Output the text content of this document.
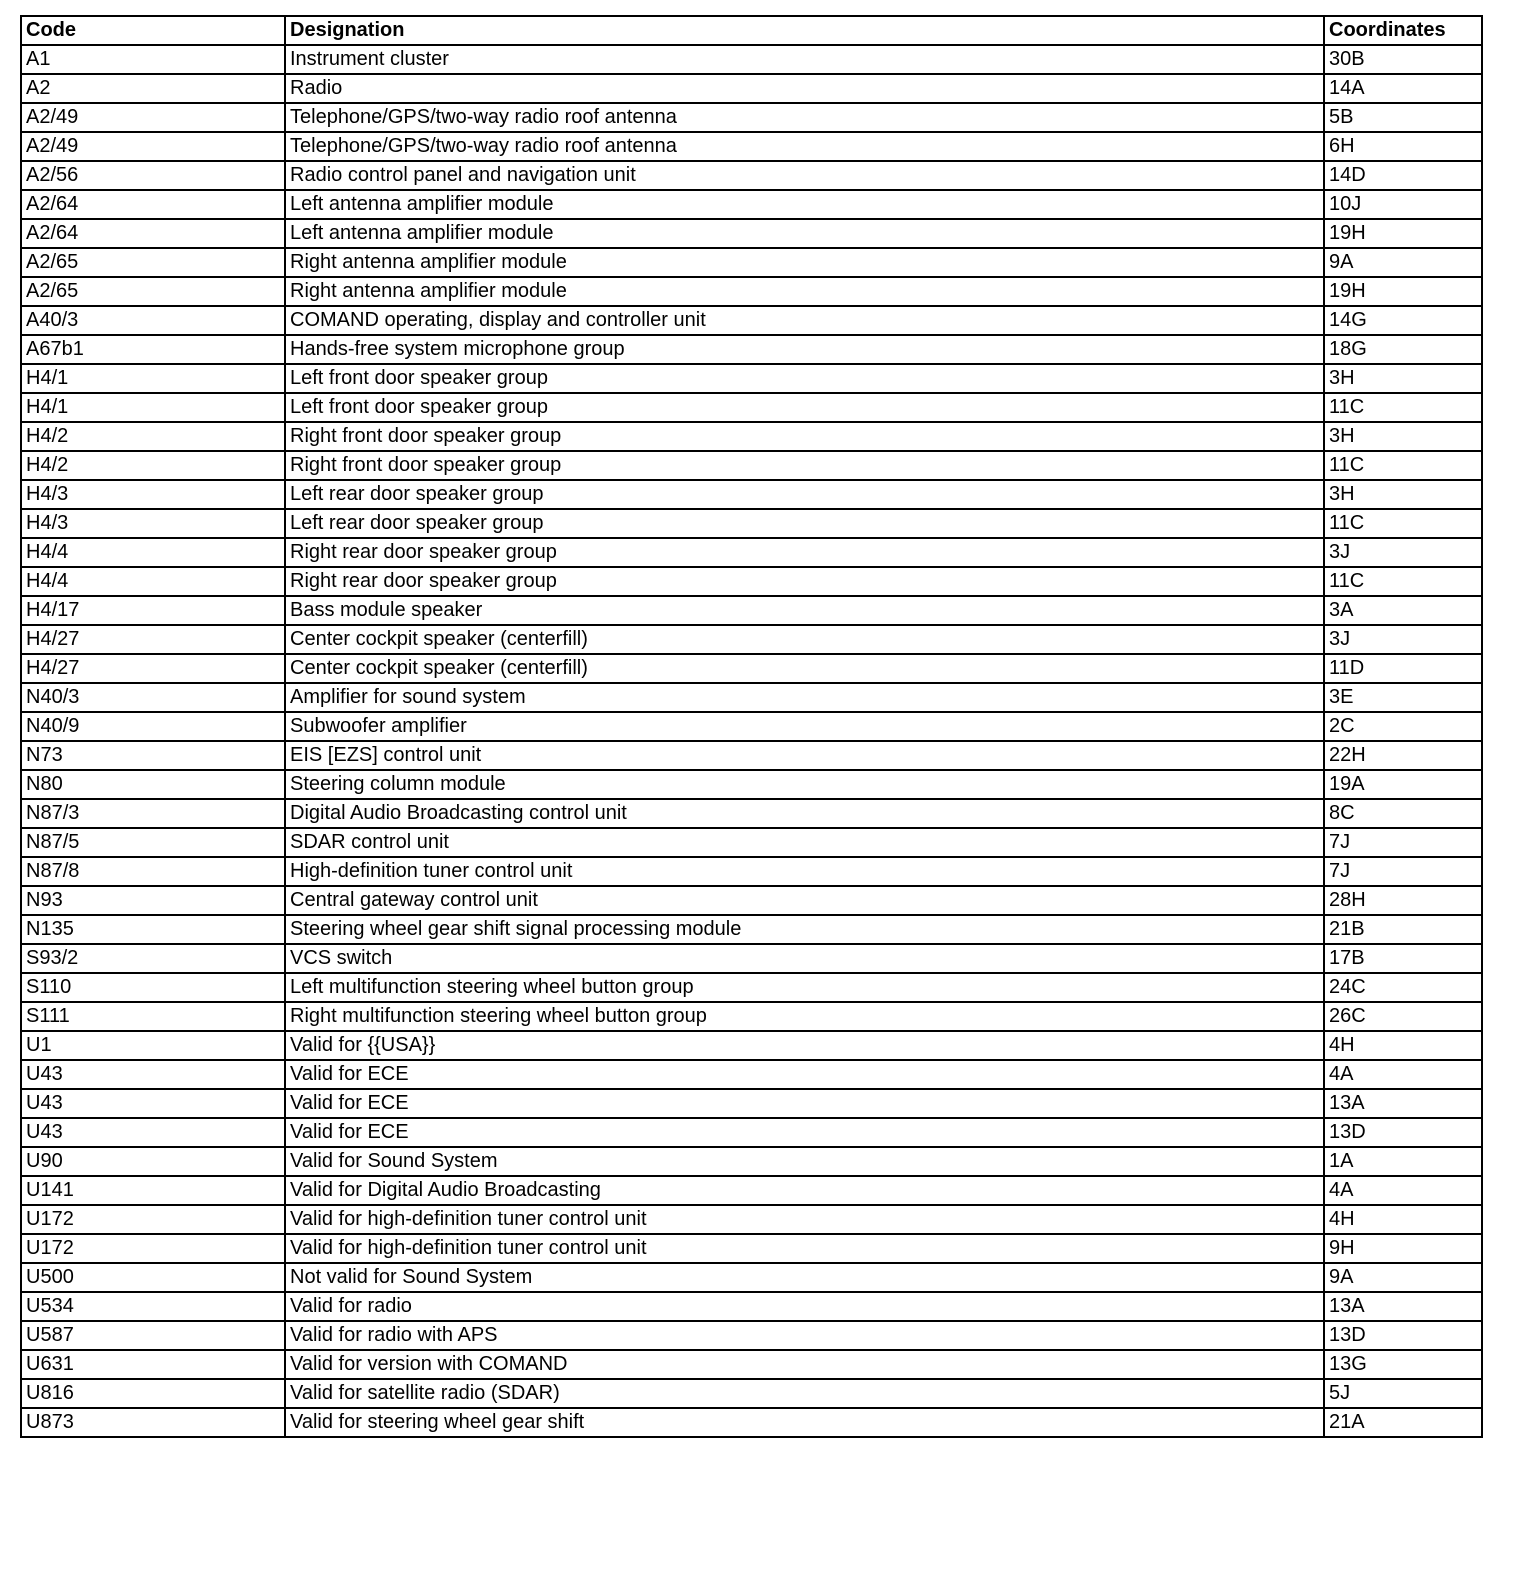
Code	Designation	Coordinates
A1	Instrument cluster	30B
A2	Radio	14A
A2/49	Telephone/GPS/two-way radio roof antenna	5B
A2/49	Telephone/GPS/two-way radio roof antenna	6H
A2/56	Radio control panel and navigation unit	14D
A2/64	Left antenna amplifier module	10J
A2/64	Left antenna amplifier module	19H
A2/65	Right antenna amplifier module	9A
A2/65	Right antenna amplifier module	19H
A40/3	COMAND operating, display and controller unit	14G
A67b1	Hands-free system microphone group	18G
H4/1	Left front door speaker group	3H
H4/1	Left front door speaker group	11C
H4/2	Right front door speaker group	3H
H4/2	Right front door speaker group	11C
H4/3	Left rear door speaker group	3H
H4/3	Left rear door speaker group	11C
H4/4	Right rear door speaker group	3J
H4/4	Right rear door speaker group	11C
H4/17	Bass module speaker	3A
H4/27	Center cockpit speaker (centerfill)	3J
H4/27	Center cockpit speaker (centerfill)	11D
N40/3	Amplifier for sound system	3E
N40/9	Subwoofer amplifier	2C
N73	EIS [EZS] control unit	22H
N80	Steering column module	19A
N87/3	Digital Audio Broadcasting control unit	8C
N87/5	SDAR control unit	7J
N87/8	High-definition tuner control unit	7J
N93	Central gateway control unit	28H
N135	Steering wheel gear shift signal processing module	21B
S93/2	VCS switch	17B
S110	Left multifunction steering wheel button group	24C
S111	Right multifunction steering wheel button group	26C
U1	Valid for {{USA}}	4H
U43	Valid for ECE	4A
U43	Valid for ECE	13A
U43	Valid for ECE	13D
U90	Valid for Sound System	1A
U141	Valid for Digital Audio Broadcasting	4A
U172	Valid for high-definition tuner control unit	4H
U172	Valid for high-definition tuner control unit	9H
U500	Not valid for Sound System	9A
U534	Valid for radio	13A
U587	Valid for radio with APS	13D
U631	Valid for version with COMAND	13G
U816	Valid for satellite radio (SDAR)	5J
U873	Valid for steering wheel gear shift	21A
